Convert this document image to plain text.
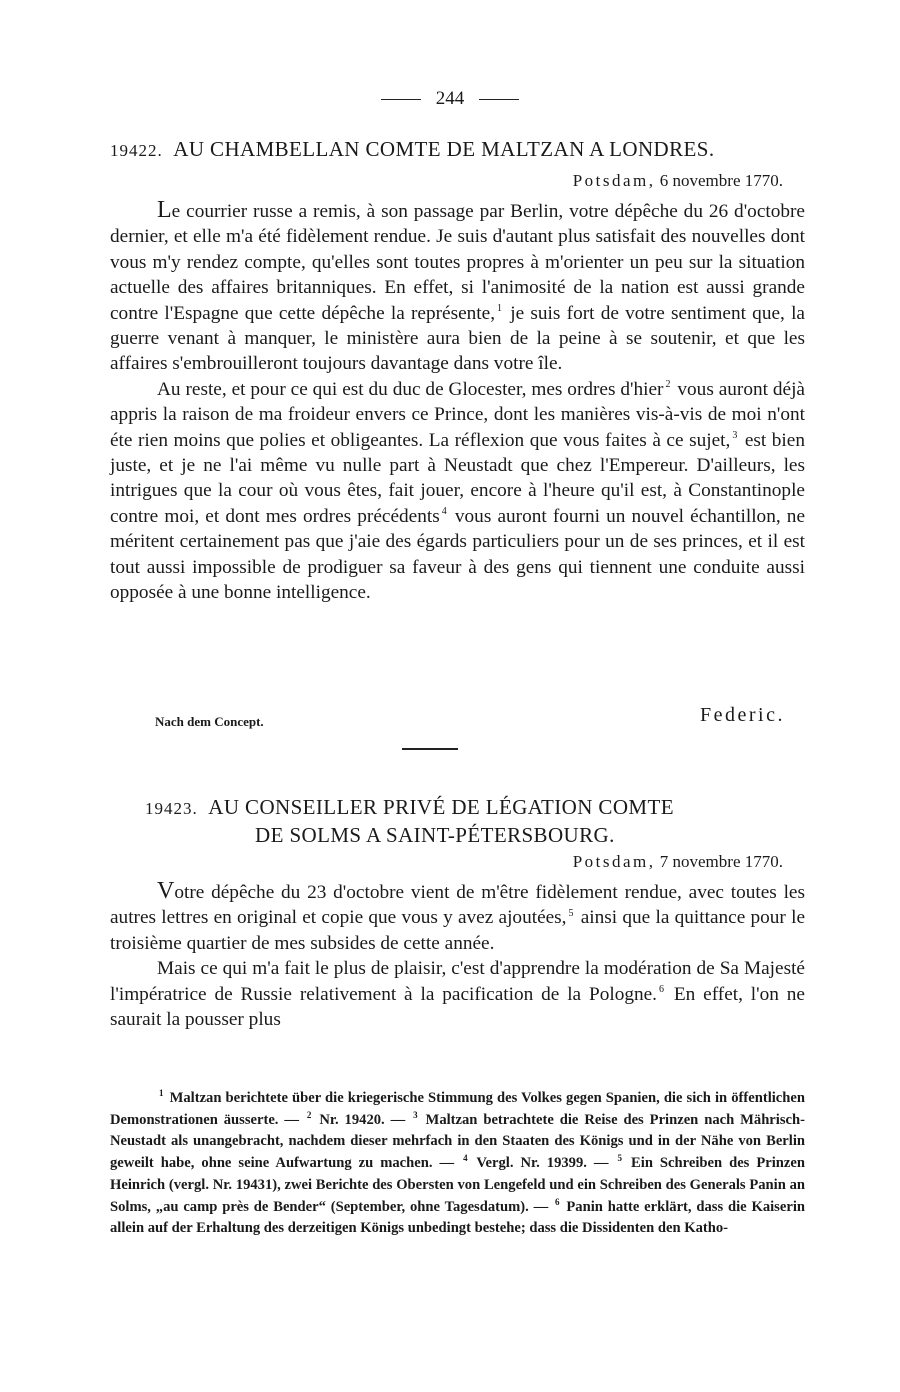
244
19422. AU CHAMBELLAN COMTE DE MALTZAN A LONDRES.
Potsdam, 6 novembre 1770.

Le courrier russe a remis, à son passage par Berlin, votre dépêche du 26 d'octobre dernier, et elle m'a été fidèlement rendue. Je suis d'autant plus satisfait des nouvelles dont vous m'y rendez compte, qu'elles sont toutes propres à m'orienter un peu sur la situation actuelle des affaires britanniques. En effet, si l'animosité de la nation est aussi grande contre l'Espagne que cette dépêche la représente, $^1$ je suis fort de votre sentiment que, la guerre venant à manquer, le ministère aura bien de la peine à se soutenir, et que les affaires s'embrouilleront toujours davantage dans votre île.

Au reste, et pour ce qui est du duc de Glocester, mes ordres d'hier $^2$ vous auront déjà appris la raison de ma froideur envers ce Prince, dont les manières vis-à-vis de moi n'ont éte rien moins que polies et obligeantes. La réflexion que vous faites à ce sujet, $^3$ est bien juste, et je ne l'ai même vu nulle part à Neustadt que chez l'Empereur. D'ailleurs, les intrigues que la cour où vous êtes, fait jouer, encore à l'heure qu'il est, à Constantinople contre moi, et dont mes ordres précédents $^4$ vous auront fourni un nouvel échantillon, ne méritent certainement pas que j'aie des égards particuliers pour un de ses princes, et il est tout aussi impossible de prodiguer sa faveur à des gens qui tiennent une conduite aussi opposée à une bonne intelligence.

Nach dem Concept.	Federic.
19423. AU CONSEILLER PRIVÉ DE LÉGATION COMTE
DE SOLMS A SAINT-PÉTERSBOURG.
Potsdam, 7 novembre 1770.

Votre dépêche du 23 d'octobre vient de m'être fidèlement rendue, avec toutes les autres lettres en original et copie que vous y avez ajoutées, $^5$ ainsi que la quittance pour le troisième quartier de mes subsides de cette année.

Mais ce qui m'a fait le plus de plaisir, c'est d'apprendre la modération de Sa Majesté l'impératrice de Russie relativement à la pacification de la Pologne. $^6$ En effet, l'on ne saurait la pousser plus

$^1$ Maltzan berichtete über die kriegerische Stimmung des Volkes gegen Spanien, die sich in öffentlichen Demonstrationen äusserte. — $^2$ Nr. 19420. — $^3$ Maltzan betrachtete die Reise des Prinzen nach Mährisch-Neustadt als unangebracht, nachdem dieser mehrfach in den Staaten des Königs und in der Nähe von Berlin geweilt habe, ohne seine Aufwartung zu machen. — $^4$ Vergl. Nr. 19399. — $^5$ Ein Schreiben des Prinzen Heinrich (vergl. Nr. 19431), zwei Berichte des Obersten von Lengefeld und ein Schreiben des Generals Panin an Solms, „au camp près de Bender“ (September, ohne Tagesdatum). — $^6$ Panin hatte erklärt, dass die Kaiserin allein auf der Erhaltung des derzeitigen Königs unbedingt bestehe; dass die Dissidenten den Katho-
